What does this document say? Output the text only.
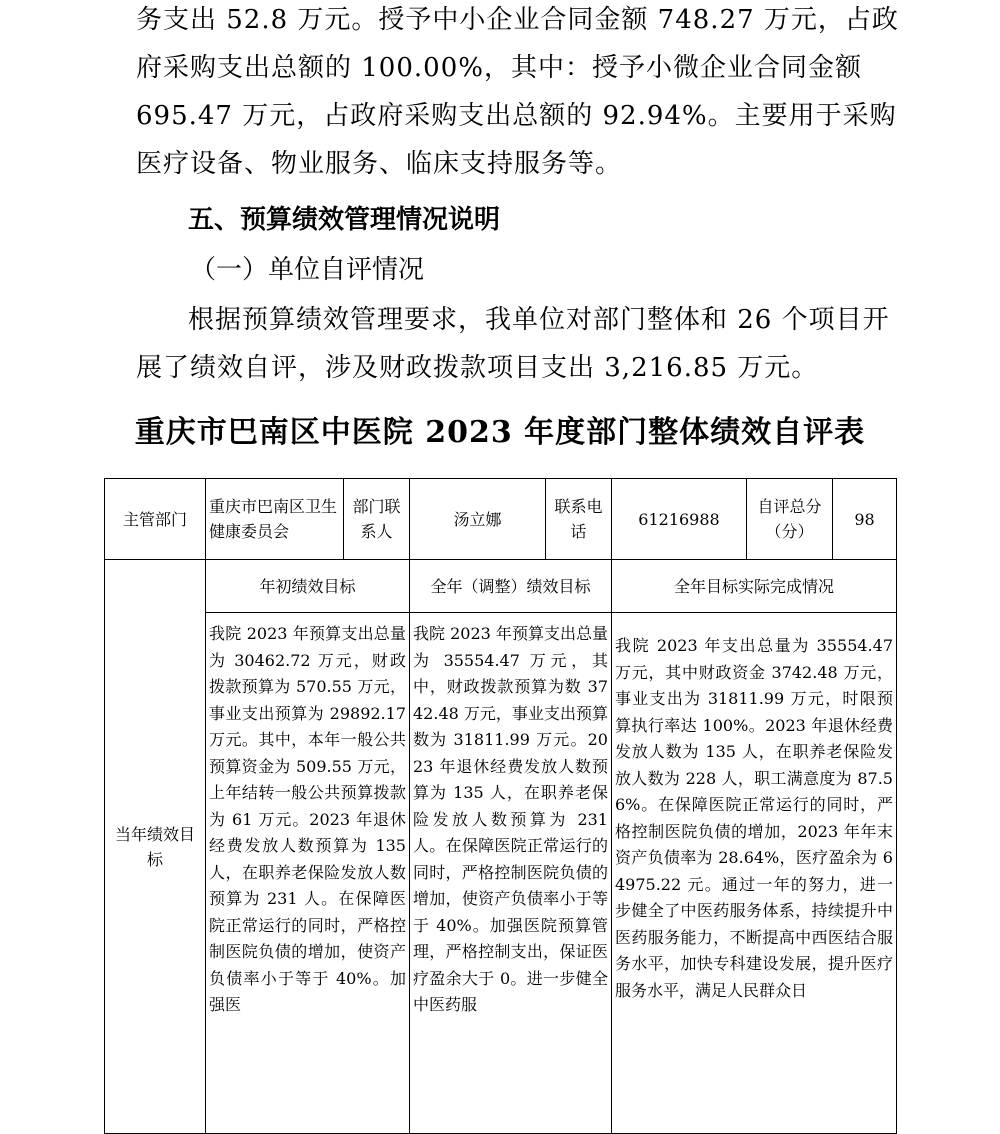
务支出 52.8 万元。授予中小企业合同金额 748.27 万元，占政府采购支出总额的 100.00%，其中：授予小微企业合同金额 695.47 万元，占政府采购支出总额的 92.94%。主要用于采购医疗设备、物业服务、临床支持服务等。

五、预算绩效管理情况说明

（一）单位自评情况

根据预算绩效管理要求，我单位对部门整体和 26 个项目开展了绩效自评，涉及财政拨款项目支出 3,216.85 万元。

重庆市巴南区中医院 2023 年度部门整体绩效自评表
主管部门	重庆市巴南区卫生健康委员会	部门联系人	汤立娜	联系电话	61216988	自评总分（分）	98
当年绩效目标	年初绩效目标		全年（调整）绩效目标		全年目标实际完成情况		
	我院 2023 年预算支出总量为 30462.72 万元，财政拨款预算为 570.55 万元，事业支出预算为 29892.17 万元。其中，本年一般公共预算资金为 509.55 万元，上年结转一般公共预算拨款为 61 万元。2023 年退休经费发放人数预算为 135 人，在职养老保险发放人数预算为 231 人。在保障医院正常运行的同时，严格控制医院负债的增加，使资产负债率小于等于 40%。加强医		我院 2023 年预算支出总量为 35554.47 万元，其中，财政拨款预算为数 3742.48 万元，事业支出预算数为 31811.99 万元。2023 年退休经费发放人数预算为 135 人，在职养老保险发放人数预算为 231 人。在保障医院正常运行的同时，严格控制医院负债的增加，使资产负债率小于等于 40%。加强医院预算管理，严格控制支出，保证医疗盈余大于 0。进一步健全中医药服		我院 2023 年支出总量为 35554.47 万元，其中财政资金 3742.48 万元，事业支出为 31811.99 万元，时限预算执行率达 100%。2023 年退休经费发放人数为 135 人，在职养老保险发放人数为 228 人，职工满意度为 87.56%。在保障医院正常运行的同时，严格控制医院负债的增加，2023 年年末资产负债率为 28.64%，医疗盈余为 64975.22 元。通过一年的努力，进一步健全了中医药服务体系，持续提升中医药服务能力，不断提高中西医结合服务水平，加快专科建设发展，提升医疗服务水平，满足人民群众日		
